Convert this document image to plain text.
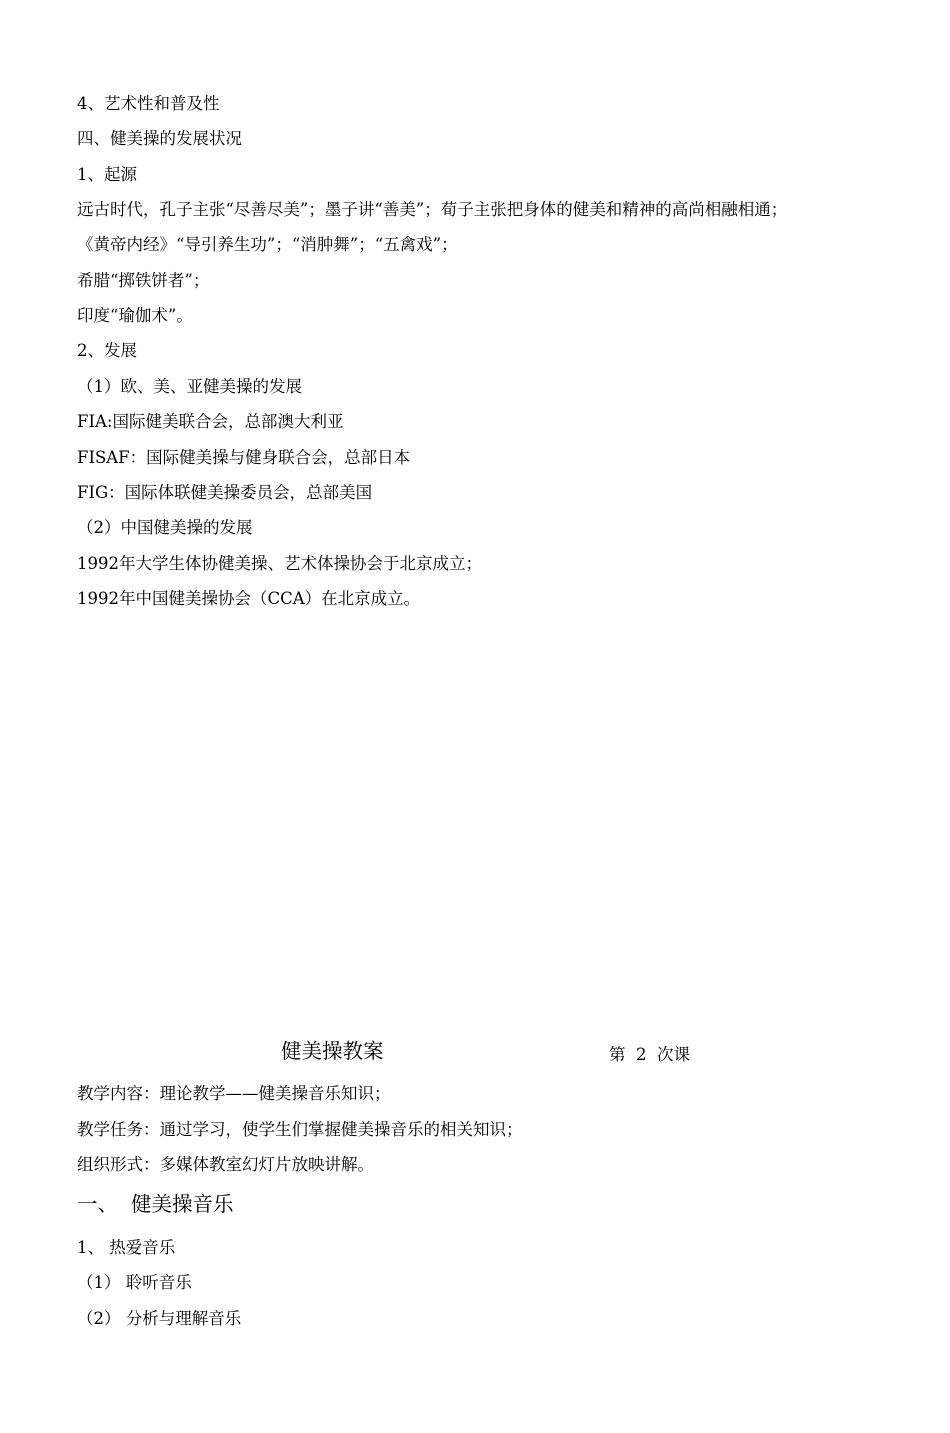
4、艺术性和普及性

四、健美操的发展状况

1、起源

远古时代，孔子主张“尽善尽美”；墨子讲“善美”；荀子主张把身体的健美和精神的高尚相融相通；

《黄帝内经》“导引养生功”；“消肿舞”；“五禽戏”；

希腊“掷铁饼者”；

印度“瑜伽术”。

2、发展

（1）欧、美、亚健美操的发展

FIA:国际健美联合会，总部澳大利亚

FISAF：国际健美操与健身联合会，总部日本

FIG：国际体联健美操委员会，总部美国

（2）中国健美操的发展

1992年大学生体协健美操、艺术体操协会于北京成立；

1992年中国健美操协会（CCA）在北京成立。

健美操教案	第  2  次课

教学内容：理论教学——健美操音乐知识；

教学任务：通过学习，使学生们掌握健美操音乐的相关知识；

组织形式：多媒体教室幻灯片放映讲解。

一、  健美操音乐

1、 热爱音乐

（1） 聆听音乐

（2） 分析与理解音乐
